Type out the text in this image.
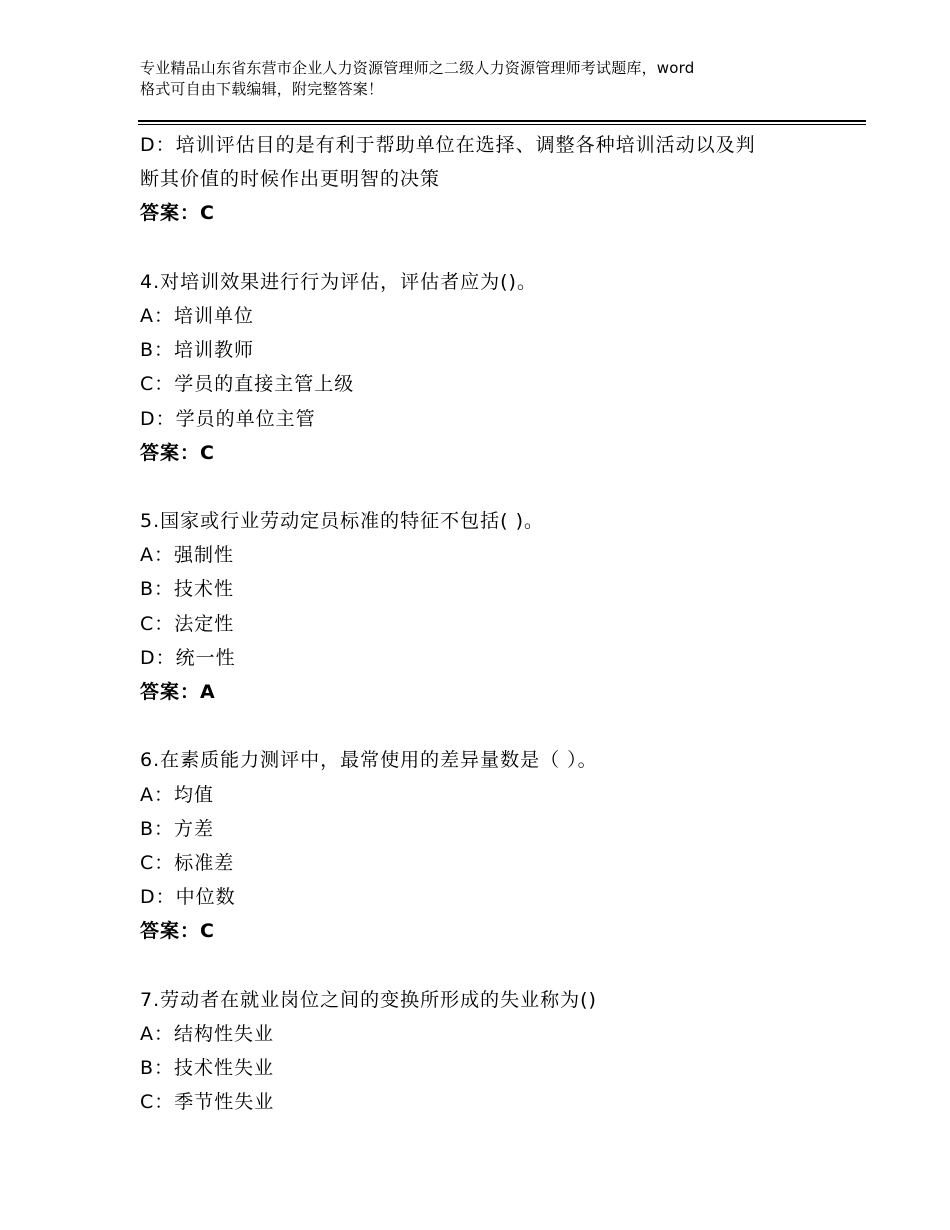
专业精品山东省东营市企业人力资源管理师之二级人力资源管理师考试题库，word
格式可自由下载编辑，附完整答案！
D：培训评估目的是有利于帮助单位在选择、调整各种培训活动以及判
断其价值的时候作出更明智的决策
答案：C
4.对培训效果进行行为评估，评估者应为()。
A：培训单位
B：培训教师
C：学员的直接主管上级
D：学员的单位主管
答案：C
5.国家或行业劳动定员标准的特征不包括( )。
A：强制性
B：技术性
C：法定性
D：统一性
答案：A
6.在素质能力测评中，最常使用的差异量数是（ ）。
A：均值
B：方差
C：标准差
D：中位数
答案：C
7.劳动者在就业岗位之间的变换所形成的失业称为()
A：结构性失业
B：技术性失业
C：季节性失业
